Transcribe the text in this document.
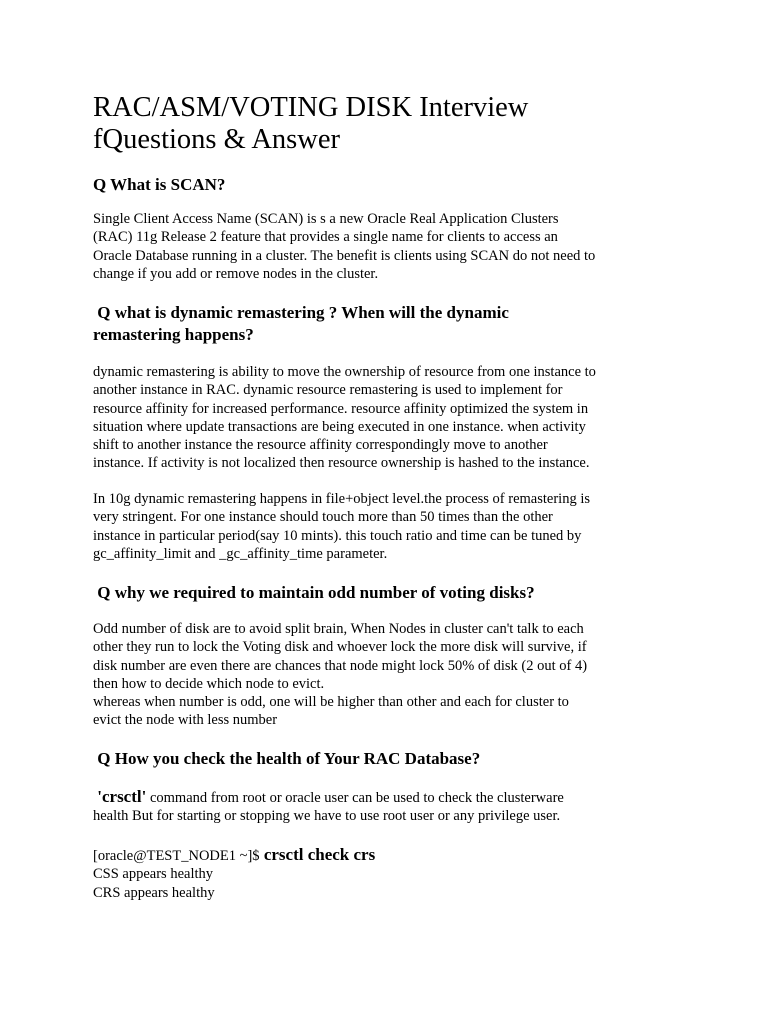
RAC/ASM/VOTING DISK Interview
fQuestions & Answer
Q What is SCAN?

Single Client Access Name (SCAN) is s a new Oracle Real Application Clusters
(RAC) 11g Release 2 feature that provides a single name for clients to access an
Oracle Database running in a cluster. The benefit is clients using SCAN do not need to
change if you add or remove nodes in the cluster.

Q what is dynamic remastering ? When will the dynamic
remastering happens?

dynamic remastering is ability to move the ownership of resource from one instance to
another instance in RAC. dynamic resource remastering is used to implement for
resource affinity for increased performance. resource affinity optimized the system in
situation where update transactions are being executed in one instance. when activity
shift to another instance the resource affinity correspondingly move to another
instance. If activity is not localized then resource ownership is hashed to the instance.

In 10g dynamic remastering happens in file+object level.the process of remastering is
very stringent. For one instance should touch more than 50 times than the other
instance in particular period(say 10 mints). this touch ratio and time can be tuned by
gc_affinity_limit and _gc_affinity_time parameter.

Q why we required to maintain odd number of voting disks?

Odd number of disk are to avoid split brain, When Nodes in cluster can't talk to each
other they run to lock the Voting disk and whoever lock the more disk will survive, if
disk number are even there are chances that node might lock 50% of disk (2 out of 4)
then how to decide which node to evict.
whereas when number is odd, one will be higher than other and each for cluster to
evict the node with less number

Q How you check the health of Your RAC Database?

'crsctl' command from root or oracle user can be used to check the clusterware
health But for starting or stopping we have to use root user or any privilege user.

[oracle@TEST_NODE1 ~]$ crsctl check crs
CSS appears healthy
CRS appears healthy
